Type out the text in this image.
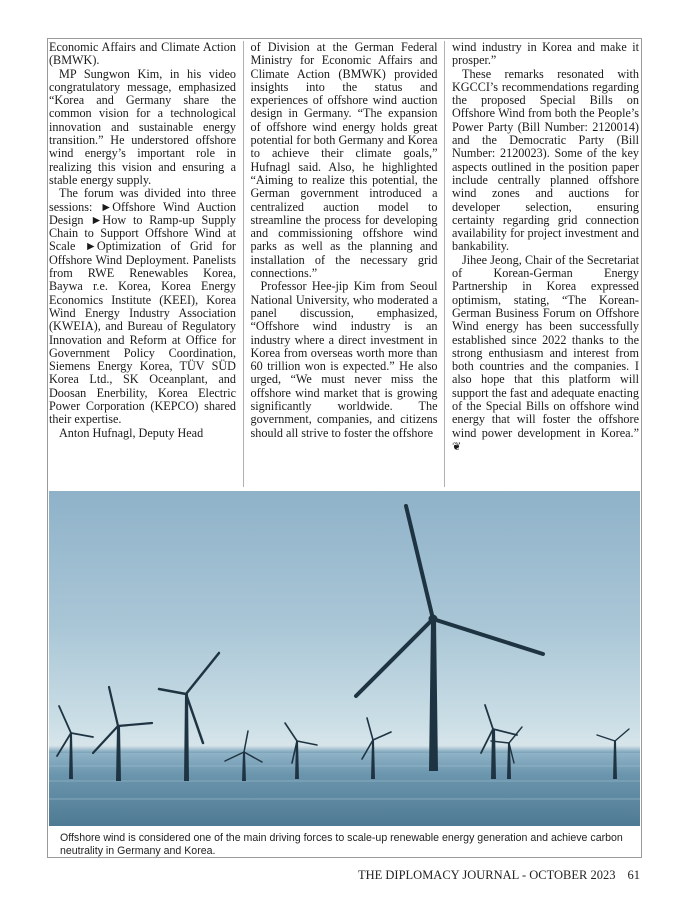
Economic Affairs and Climate Action (BMWK).

MP Sungwon Kim, in his video congratulatory message, emphasized “Korea and Germany share the common vision for a technological innovation and sustainable energy transition.” He understored offshore wind energy’s important role in realizing this vision and ensuring a stable energy supply.

The forum was divided into three sessions: ►Offshore Wind Auction Design ►How to Ramp-up Supply Chain to Support Offshore Wind at Scale ►Optimization of Grid for Offshore Wind Deployment. Panelists from RWE Renewables Korea, Baywa r.e. Korea, Korea Energy Economics Institute (KEEI), Korea Wind Energy Industry Association (KWEIA), and Bureau of Regulatory Innovation and Reform at Office for Government Policy Coordination, Siemens Energy Korea, TÜV SÜD Korea Ltd., SK Oceanplant, and Doosan Enerbility, Korea Electric Power Corporation (KEPCO) shared their expertise.

Anton Hufnagl, Deputy Head

of Division at the German Federal Ministry for Economic Affairs and Climate Action (BMWK) provided insights into the status and experiences of offshore wind auction design in Germany. “The expansion of offshore wind energy holds great potential for both Germany and Korea to achieve their climate goals,” Hufnagl said. Also, he highlighted “Aiming to realize this potential, the German government introduced a centralized auction model to streamline the process for developing and commissioning offshore wind parks as well as the planning and installation of the necessary grid connections.”

Professor Hee-jip Kim from Seoul National University, who moderated a panel discussion, emphasized, “Offshore wind industry is an industry where a direct investment in Korea from overseas worth more than 60 trillion won is expected.” He also urged, “We must never miss the offshore wind market that is growing significantly worldwide. The government, companies, and citizens should all strive to foster the offshore

wind industry in Korea and make it prosper.”

These remarks resonated with KGCCI’s recommendations regarding the proposed Special Bills on Offshore Wind from both the People’s Power Party (Bill Number: 2120014) and the Democratic Party (Bill Number: 2120023). Some of the key aspects outlined in the position paper include centrally planned offshore wind zones and auctions for developer selection, ensuring certainty regarding grid connection availability for project investment and bankability.

Jihee Jeong, Chair of the Secretariat of Korean-German Energy Partnership in Korea expressed optimism, stating, “The Korean-German Business Forum on Offshore Wind energy has been successfully established since 2022 thanks to the strong enthusiasm and interest from both countries and the companies. I also hope that this platform will support the fast and adequate enacting of the Special Bills on offshore wind energy that will foster the offshore wind power development in Korea.” ❦

Offshore wind is considered one of the main driving forces to scale-up renewable energy generation and achieve carbon neutrality in Germany and Korea.
THE DIPLOMACY JOURNAL - OCTOBER 2023 61
